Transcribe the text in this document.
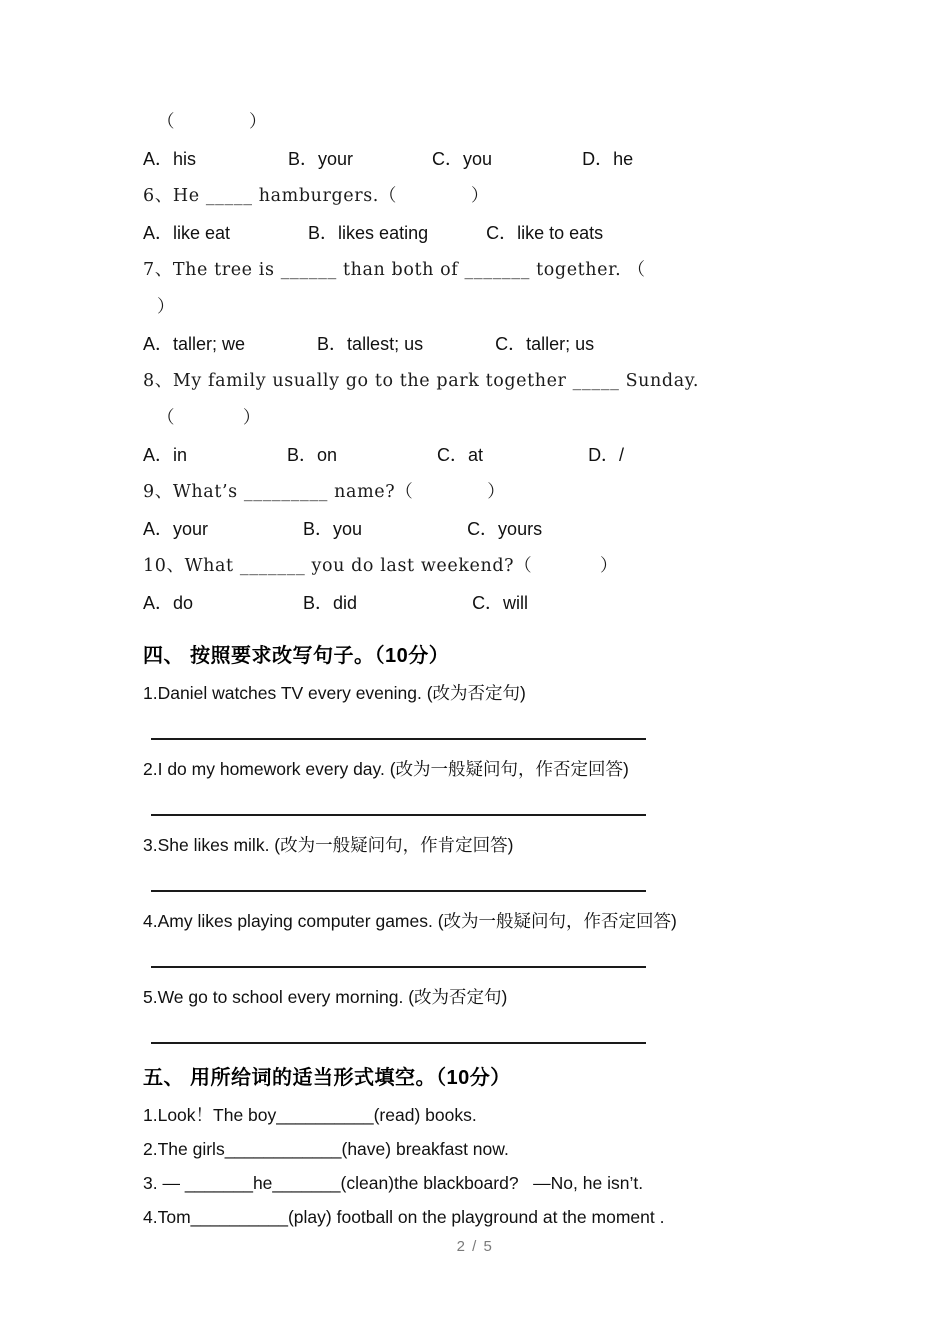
（            ）
A．his	B．your	C．you	D．he
6、He _____ hamburgers.（            ）
A．like eat	B．likes eating	C．like to eats
7、The tree is ______ than both of _______ together. （
）
A．taller; we	B．tallest; us	C．taller; us
8、My family usually go to the park together _____ Sunday.
（           ）
A．in	B．on	C．at	D．/
9、What’s _________ name?（            ）
A．your	B．you	C．yours
10、What _______ you do last weekend?（           ）
A．do	B．did	C．will
四、 按照要求改写句子。（10分）
1.Daniel watches TV every evening. (改为否定句)
2.I do my homework every day. (改为一般疑问句，作否定回答)
3.She likes milk. (改为一般疑问句，作肯定回答)
4.Amy likes playing computer games. (改为一般疑问句，作否定回答)
5.We go to school every morning. (改为否定句)
五、 用所给词的适当形式填空。（10分）
1.Look！The boy__________(read) books.
2.The girls____________(have) breakfast now.
3. — _______he_______(clean)the blackboard?   —No, he isn’t.
4.Tom__________(play) football on the playground at the moment .
2 / 5
